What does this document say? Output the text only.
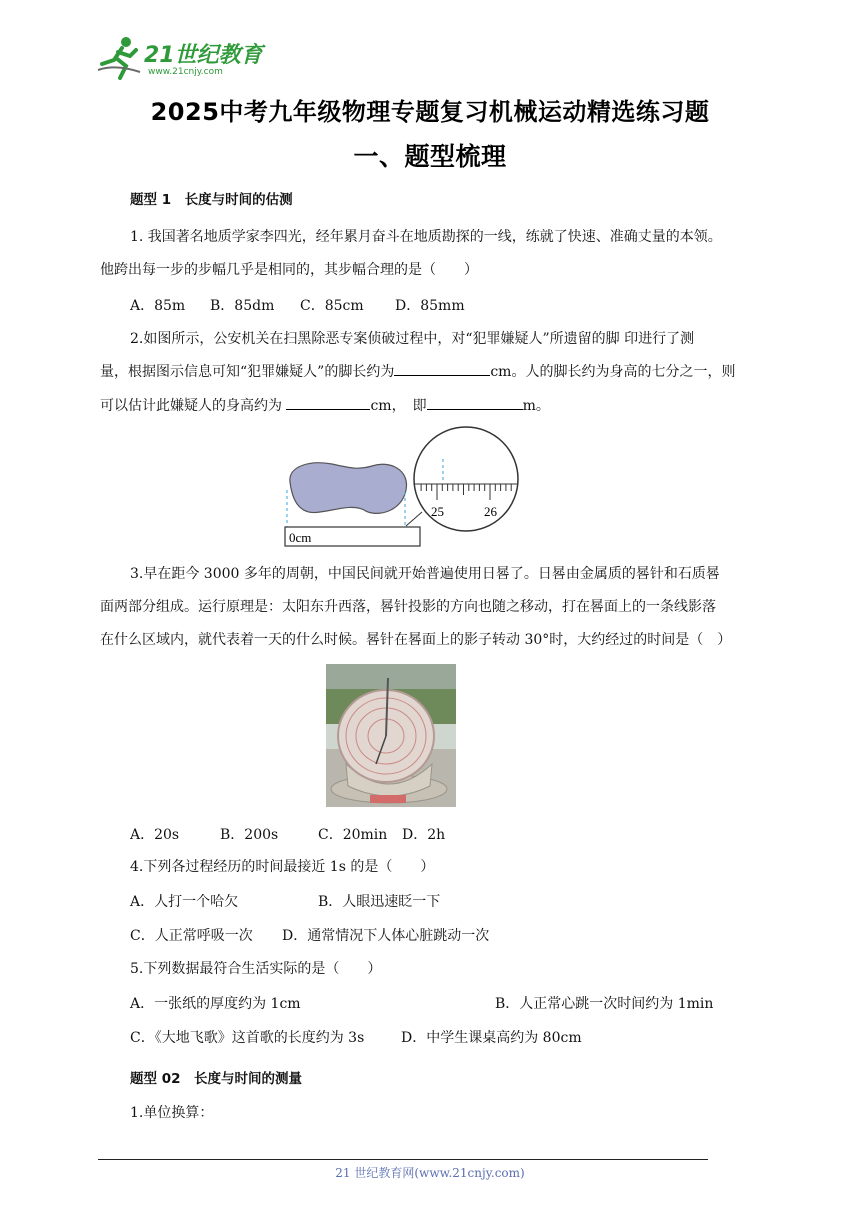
21世纪教育
www.21cnjy.com
2025中考九年级物理专题复习机械运动精选练习题
一、题型梳理
题型 1　长度与时间的估测
1. 我国著名地质学家李四光，经年累月奋斗在地质勘探的一线，练就了快速、准确丈量的本领。
他跨出每一步的步幅几乎是相同的，其步幅合理的是（　　）
A．85m B．85dm C．85cm D．85mm
2.如图所示，公安机关在扫黑除恶专案侦破过程中，对“犯罪嫌疑人”所遗留的脚 印进行了测
量，根据图示信息可知“犯罪嫌疑人”的脚长约为	cm。人的脚长约为身高的七分之一，则
可以估计此嫌疑人的身高约为	cm，　即	m。
0cm
25	26
3.早在距今 3000 多年的周朝，中国民间就开始普遍使用日晷了。日晷由金属质的晷针和石质晷
面两部分组成。运行原理是：太阳东升西落，晷针投影的方向也随之移动，打在晷面上的一条线影落
在什么区域内，就代表着一天的什么时候。晷针在晷面上的影子转动 30°时，大约经过的时间是（　）
A．20s	B．200s	C．20min D．2h
4.下列各过程经历的时间最接近 1s 的是（　　）
A．人打一个哈欠	B．人眼迅速眨一下
C．人正常呼吸一次 D．通常情况下人体心脏跳动一次
5.下列数据最符合生活实际的是（　　）
A．一张纸的厚度约为 1cm	B．人正常心跳一次时间约为 1min
C．《大地飞歌》这首歌的长度约为 3s	D．中学生课桌高约为 80cm
题型 02　长度与时间的测量
1.单位换算：
21 世纪教育网(www.21cnjy.com)
